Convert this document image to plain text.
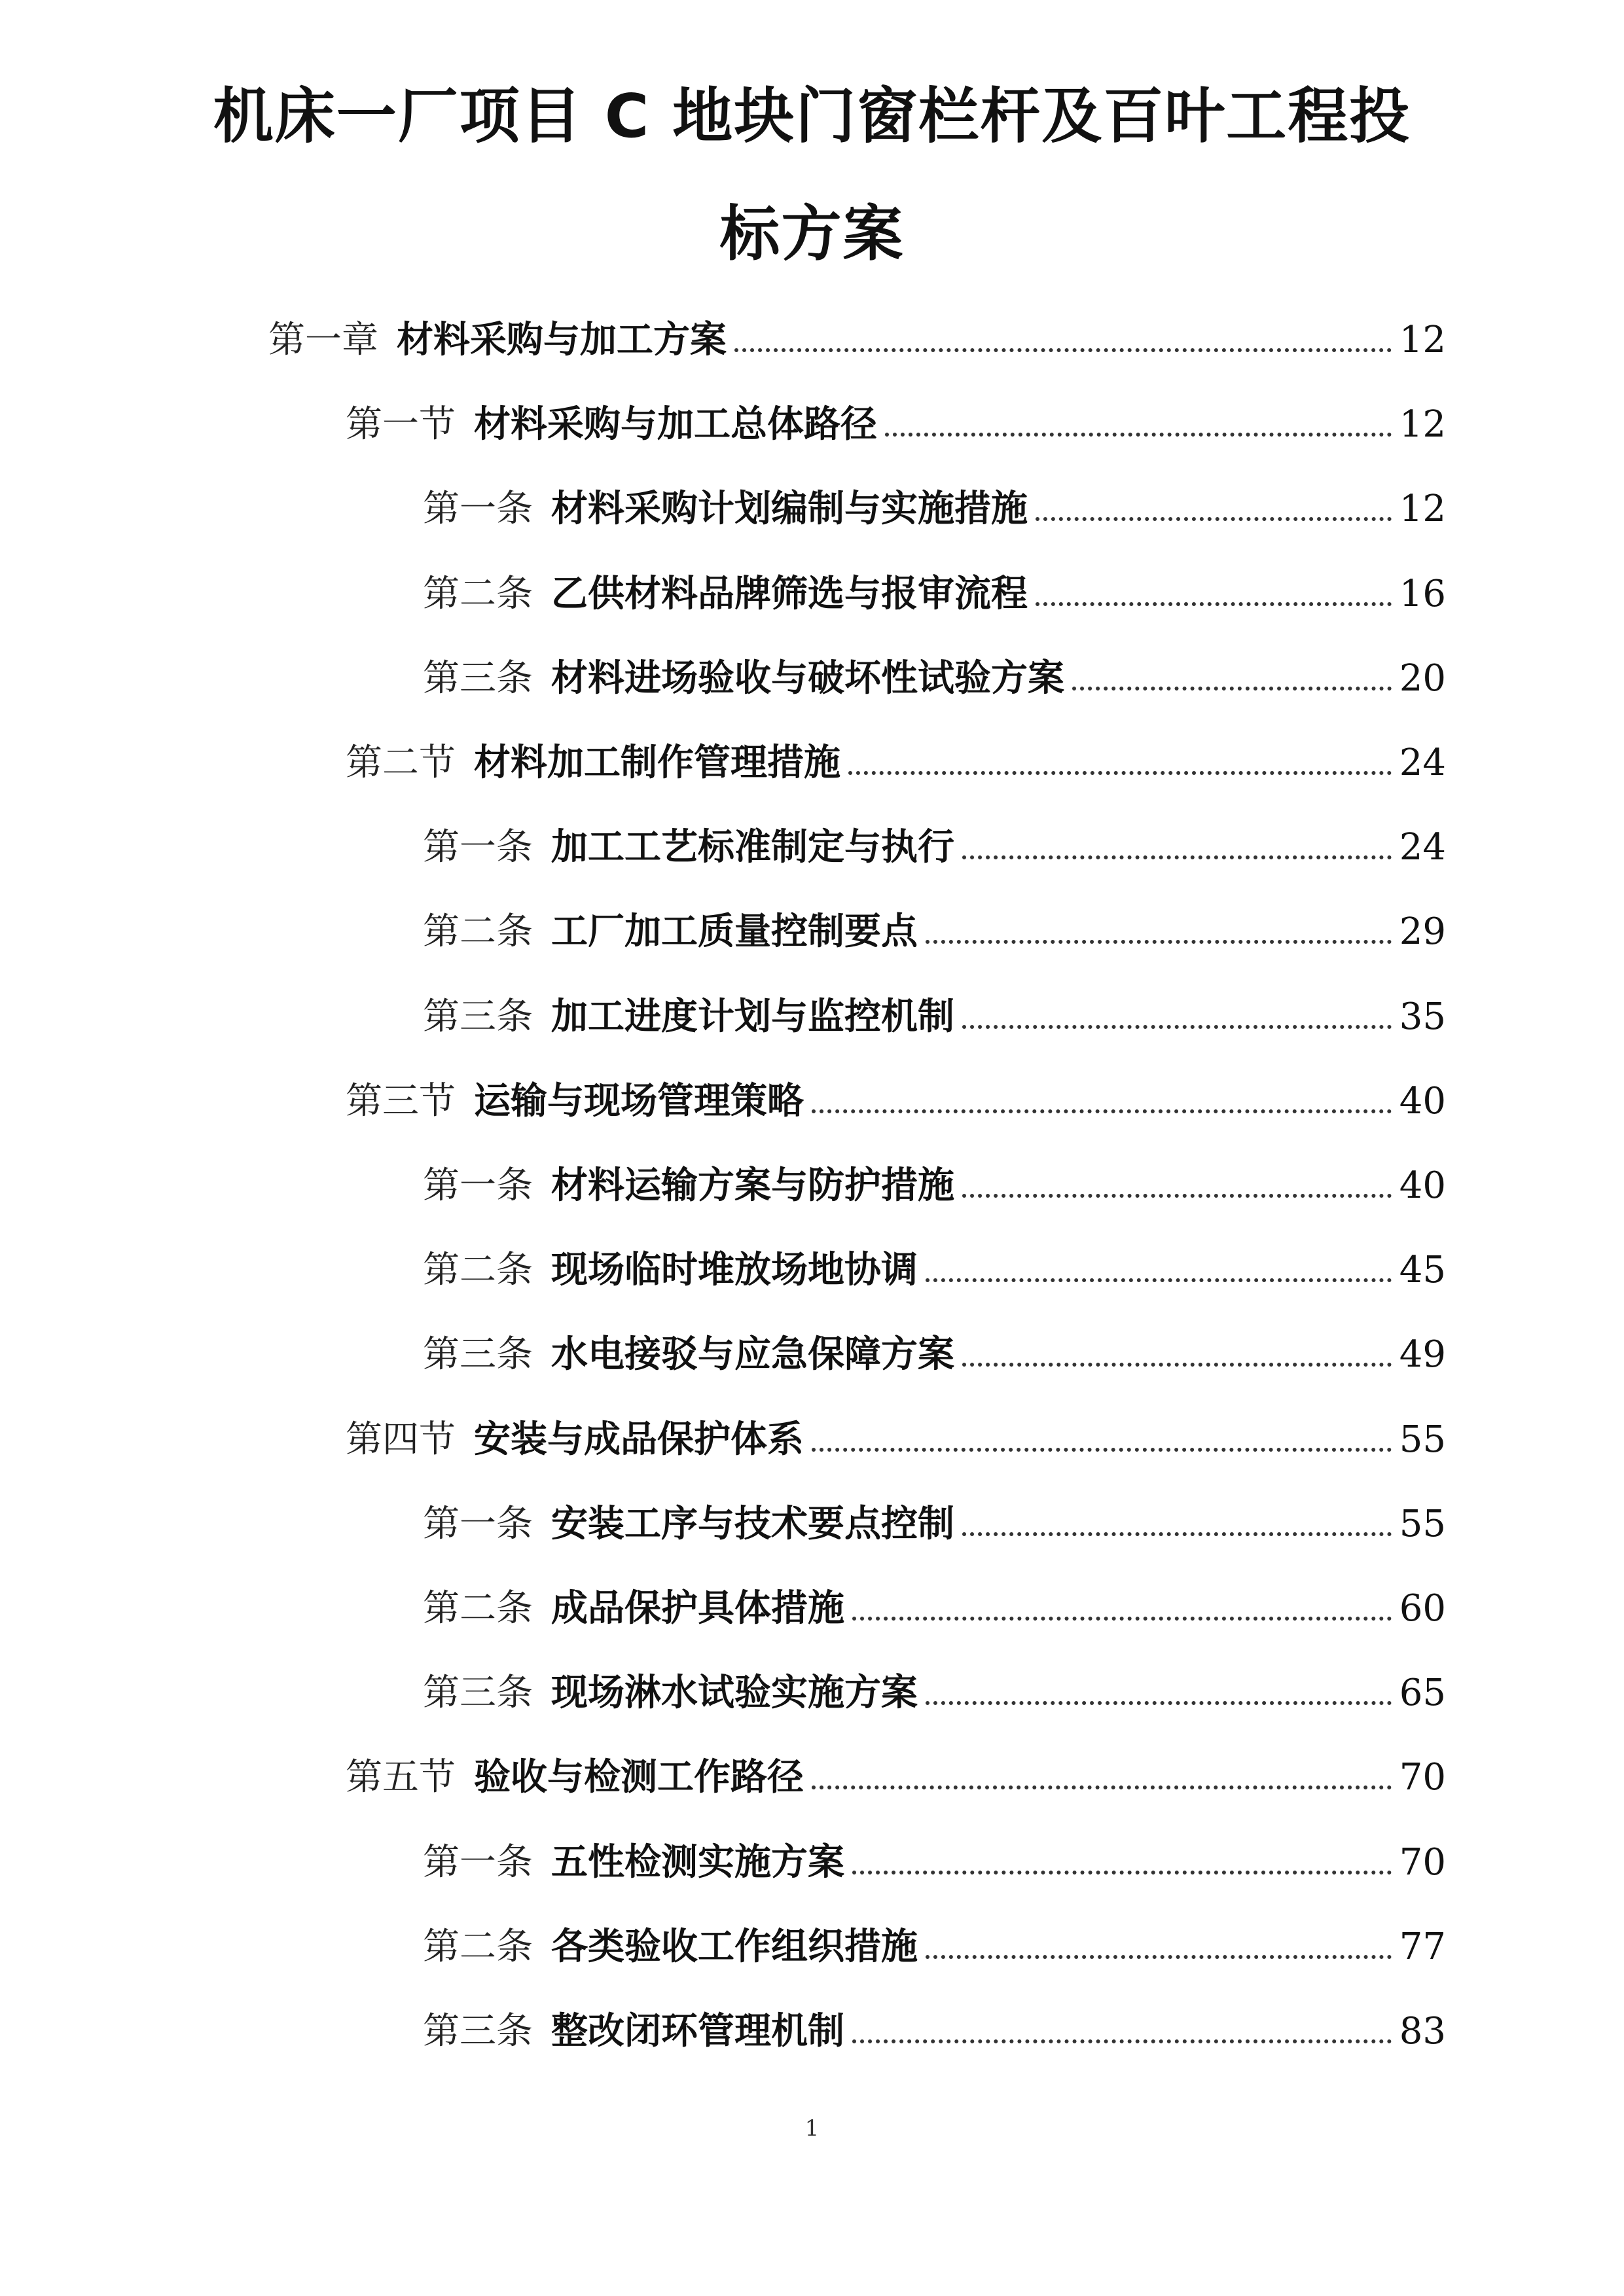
机床一厂项目 C 地块门窗栏杆及百叶工程投
标方案
第一章 材料采购与加工方案	12
第一节 材料采购与加工总体路径	12
第一条 材料采购计划编制与实施措施	12
第二条 乙供材料品牌筛选与报审流程	16
第三条 材料进场验收与破坏性试验方案	20
第二节 材料加工制作管理措施	24
第一条 加工工艺标准制定与执行	24
第二条 工厂加工质量控制要点	29
第三条 加工进度计划与监控机制	35
第三节 运输与现场管理策略	40
第一条 材料运输方案与防护措施	40
第二条 现场临时堆放场地协调	45
第三条 水电接驳与应急保障方案	49
第四节 安装与成品保护体系	55
第一条 安装工序与技术要点控制	55
第二条 成品保护具体措施	60
第三条 现场淋水试验实施方案	65
第五节 验收与检测工作路径	70
第一条 五性检测实施方案	70
第二条 各类验收工作组织措施	77
第三条 整改闭环管理机制	83
1
